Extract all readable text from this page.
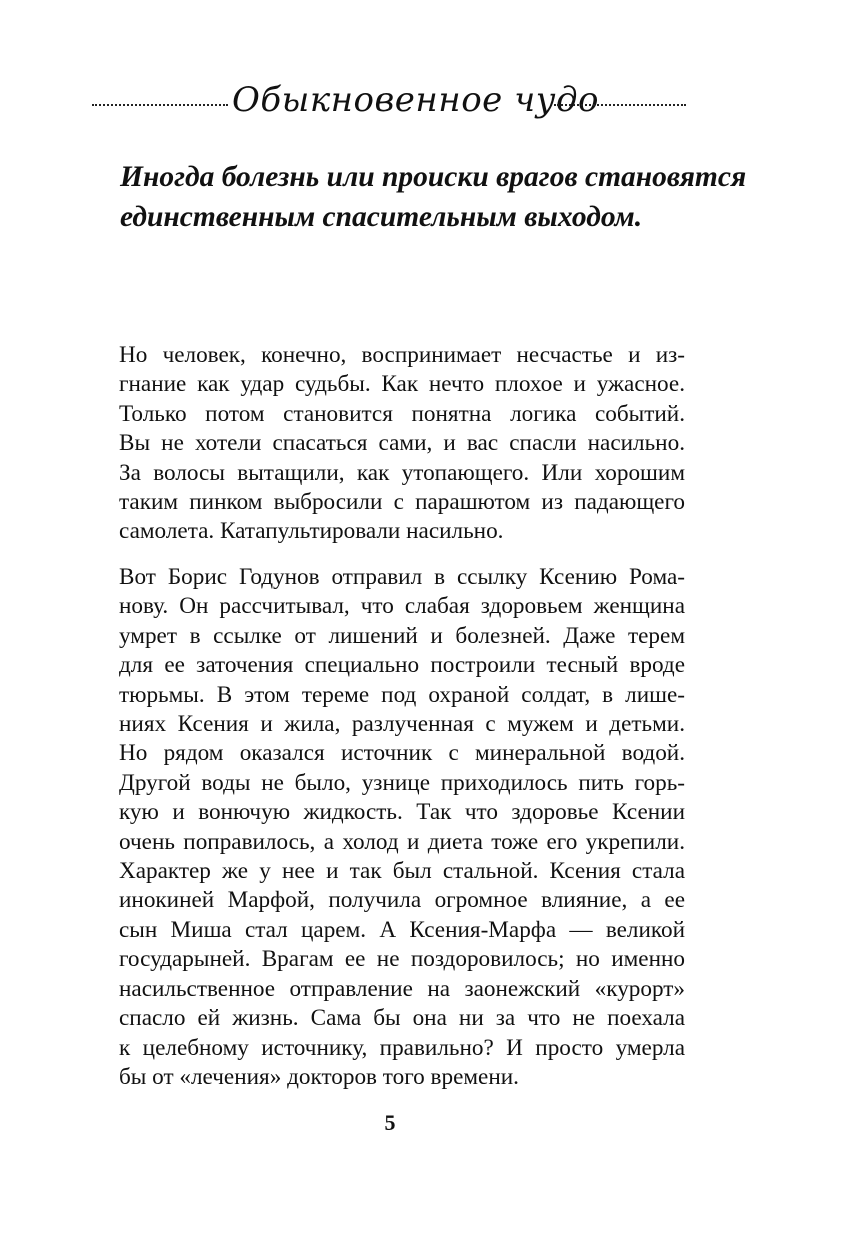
Обыкновенное чудо
Иногда болезнь или происки врагов становятся
единственным спасительным выходом.
Но человек, конечно, воспринимает несчастье и из-
гнание как удар судьбы. Как нечто плохое и ужасное.
Только потом становится понятна логика событий.
Вы не хотели спасаться сами, и вас спасли насильно.
За волосы вытащили, как утопающего. Или хорошим
таким пинком выбросили с парашютом из падающего
самолета. Катапультировали насильно.
Вот Борис Годунов отправил в ссылку Ксению Рома-
нову. Он рассчитывал, что слабая здоровьем женщина
умрет в ссылке от лишений и болезней. Даже терем
для ее заточения специально построили тесный вроде
тюрьмы. В этом тереме под охраной солдат, в лише-
ниях Ксения и жила, разлученная с мужем и детьми.
Но рядом оказался источник с минеральной водой.
Другой воды не было, узнице приходилось пить горь-
кую и вонючую жидкость. Так что здоровье Ксении
очень поправилось, а холод и диета тоже его укрепили.
Характер же у нее и так был стальной. Ксения стала
инокиней Марфой, получила огромное влияние, а ее
сын Миша стал царем. А Ксения-Марфа — великой
государыней. Врагам ее не поздоровилось; но именно
насильственное отправление на заонежский «курорт»
спасло ей жизнь. Сама бы она ни за что не поехала
к целебному источнику, правильно? И просто умерла
бы от «лечения» докторов того времени.
5
